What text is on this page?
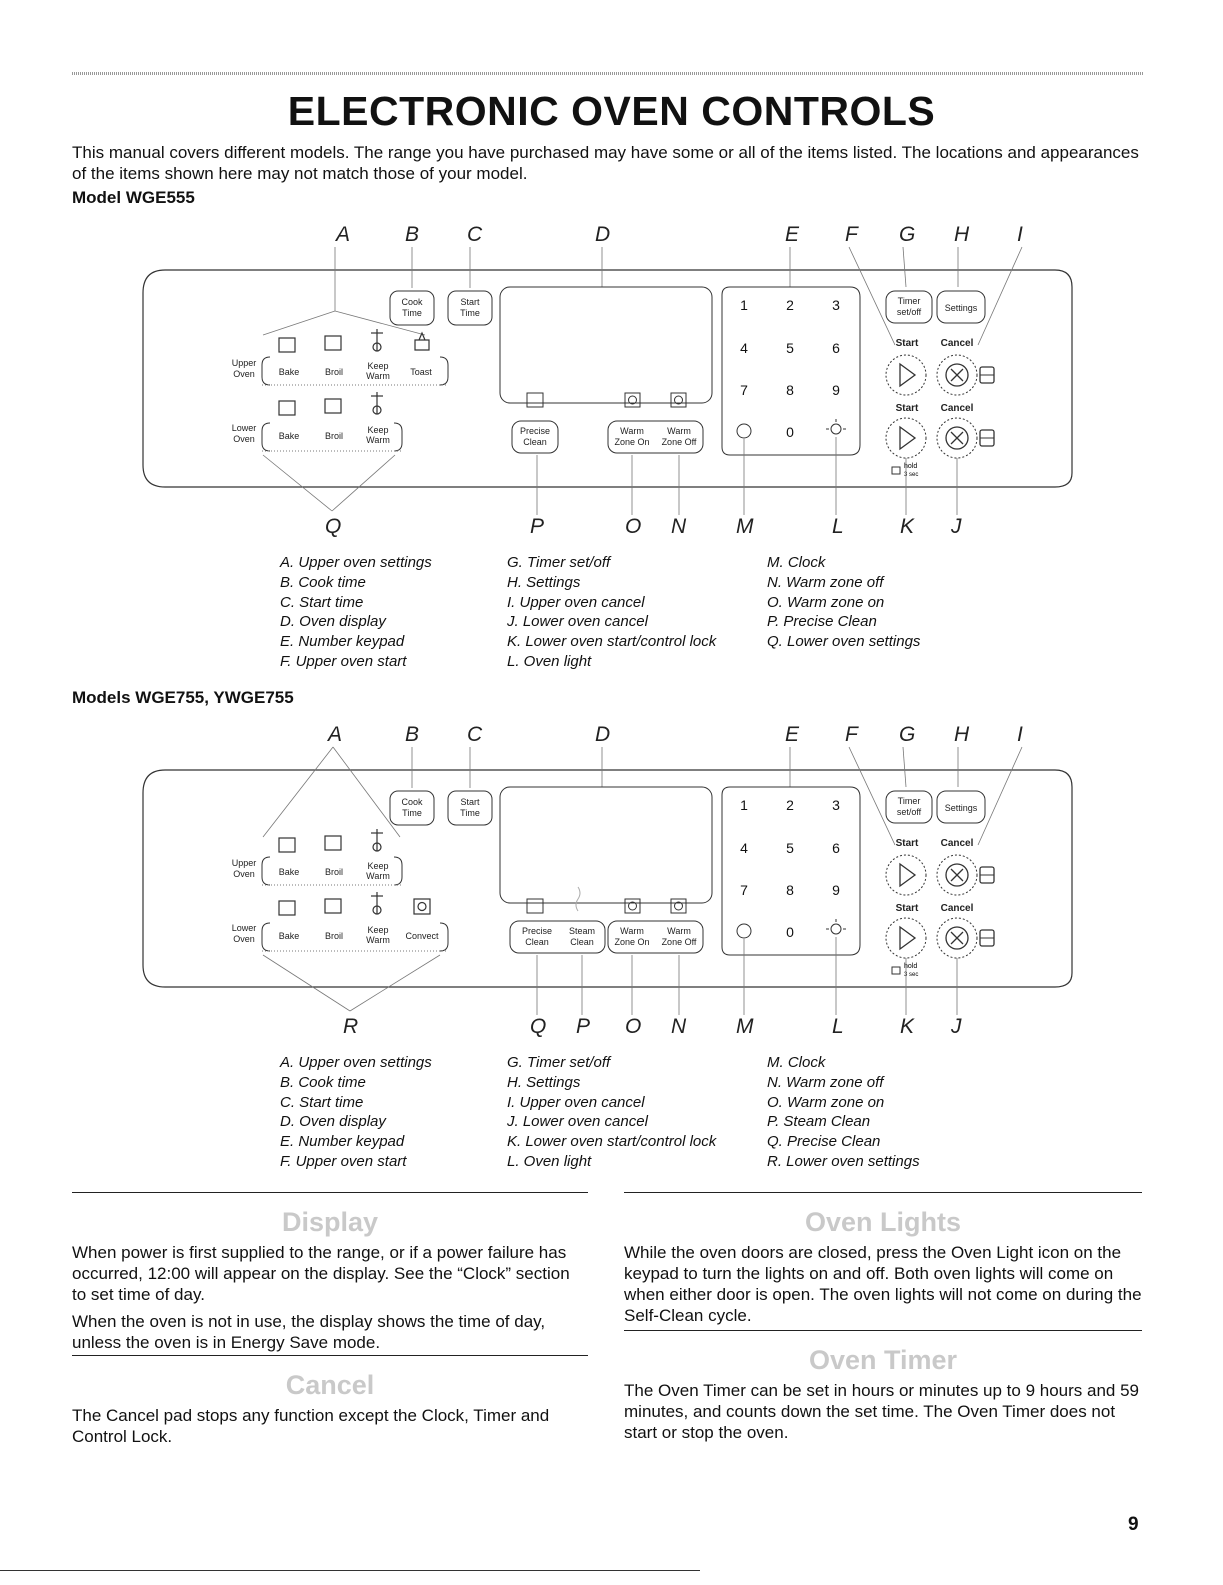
ELECTRONIC OVEN CONTROLS

This manual covers different models. The range you have purchased may have some or all of the items listed. The locations and appearances of the items shown here may not match those of your model.

Model WGE555

A	B C	D	E F G H I
Cook
Time
Start
Time
Upper
Oven	Bake	Broil
Keep
Warm Toast
Lower
Oven	Bake	Broil
Keep
Warm
Precise
Clean
Warm
Zone On
Warm
Zone Off
1	2	3
4	5	6
7	8	9
0
Timer
set/off	Settings
Start Cancel
Start Cancel
hold
3 sec
Q	P	O N M	L	K J
A. Upper oven settings
B. Cook time
C. Start time
D. Oven display
E. Number keypad
F. Upper oven start
G. Timer set/off
H. Settings
I. Upper oven cancel
J. Lower oven cancel
K. Lower oven start/control lock
L. Oven light
M. Clock
N. Warm zone off
O. Warm zone on
P. Precise Clean
Q. Lower oven settings

Models WGE755, YWGE755

A	B C	D	E F G H I
Cook
Time
Start
Time
Upper
Oven	Bake	Broil
Keep
Warm
Lower
Oven	Bake	Broil
Keep
Warm Convect	Precise
Clean
Steam
Clean
Warm
Zone On
Warm
Zone Off
1	2	3
4	5	6
7	8	9
0
Timer
set/off	Settings
Start Cancel
Start Cancel
hold
3 sec
R	Q P O N M	L	K J
A. Upper oven settings
B. Cook time
C. Start time
D. Oven display
E. Number keypad
F. Upper oven start
G. Timer set/off
H. Settings
I. Upper oven cancel
J. Lower oven cancel
K. Lower oven start/control lock
L. Oven light
M. Clock
N. Warm zone off
O. Warm zone on
P. Steam Clean
Q. Precise Clean
R. Lower oven settings
Display

When power is first supplied to the range, or if a power failure has occurred, 12:00 will appear on the display. See the “Clock” section to set time of day.

When the oven is not in use, the display shows the time of day, unless the oven is in Energy Save mode.

Cancel

The Cancel pad stops any function except the Clock, Timer and Control Lock.

Oven Lights

While the oven doors are closed, press the Oven Light icon on the keypad to turn the lights on and off. Both oven lights will come on when either door is open. The oven lights will not come on during the Self-Clean cycle.

Oven Timer

The Oven Timer can be set in hours or minutes up to 9 hours and 59 minutes, and counts down the set time. The Oven Timer does not start or stop the oven.

9
